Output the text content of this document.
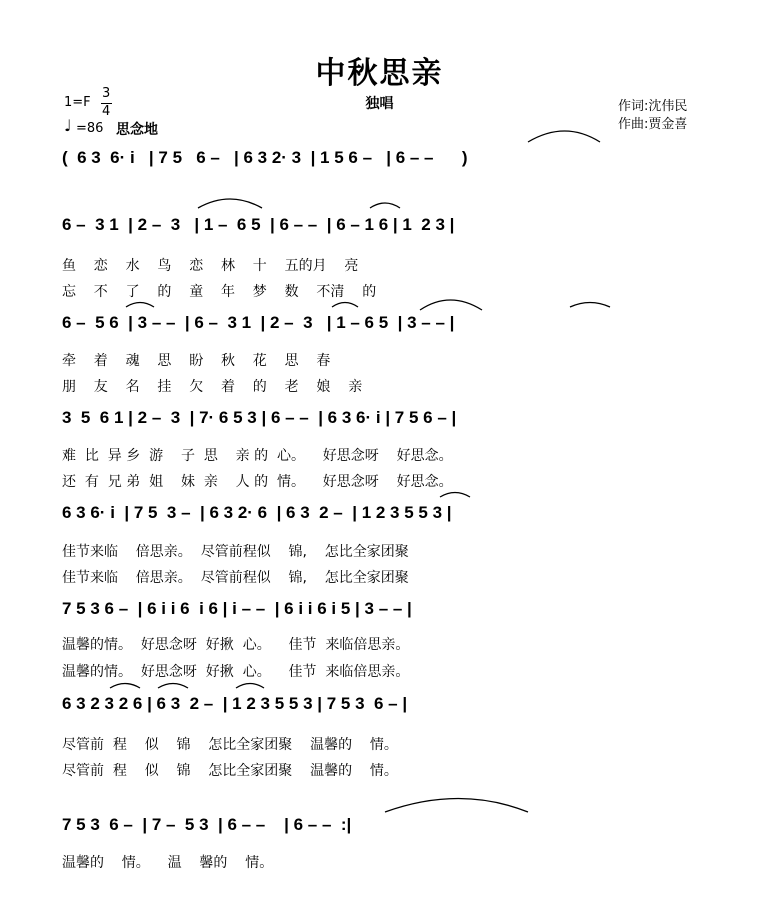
中秋思亲
独唱
1=F
3
4
♩ =86 思念地
作词:沈伟民
作曲:贾金喜
(  6 3  6· i   | 7 5   6 –   | 6 3 2· 3  | 1 5 6 –   | 6 – –      )
6 –  3 1  | 2 –  3   | 1 –  6 5  | 6 – –  | 6 – 1 6 | 1  2 3 |
鱼    恋    水    鸟    恋    林    十    五的月    亮
忘    不    了    的    童    年    梦    数    不清    的
6 –  5 6  | 3 – –  | 6 –  3 1  | 2 –  3   | 1 – 6 5  | 3 – – |
牵    着    魂    思    盼    秋    花    思    春
朋    友    名    挂    欠    着    的    老    娘    亲
3  5  6 1 | 2 –  3  | 7· 6 5 3 | 6 – –  | 6 3 6· i | 7 5 6 – |
难  比  异 乡  游    子  思    亲 的  心。    好思念呀    好思念。
还  有  兄 弟  姐    妹  亲    人 的  情。    好思念呀    好思念。
6 3 6· i  | 7 5  3 –  | 6 3 2· 6  | 6 3  2 –  | 1 2 3 5 5 3 |
佳节来临    倍思亲。  尽管前程似    锦,    怎比全家团聚
佳节来临    倍思亲。  尽管前程似    锦,    怎比全家团聚
7 5 3 6 –  | 6 i i 6  i 6 | i – –  | 6 i i 6 i 5 | 3 – – |
温馨的情。  好思念呀  好揪  心。    佳节  来临倍思亲。
温馨的情。  好思念呀  好揪  心。    佳节  来临倍思亲。
6 3 2 3 2 6 | 6 3  2 –  | 1 2 3 5 5 3 | 7 5 3  6 – |
尽管前  程    似    锦    怎比全家团聚    温馨的    情。
尽管前  程    似    锦    怎比全家团聚    温馨的    情。
7 5 3  6 –  | 7 –  5 3  | 6 – –    | 6 – –  :|
温馨的    情。    温    馨的    情。
